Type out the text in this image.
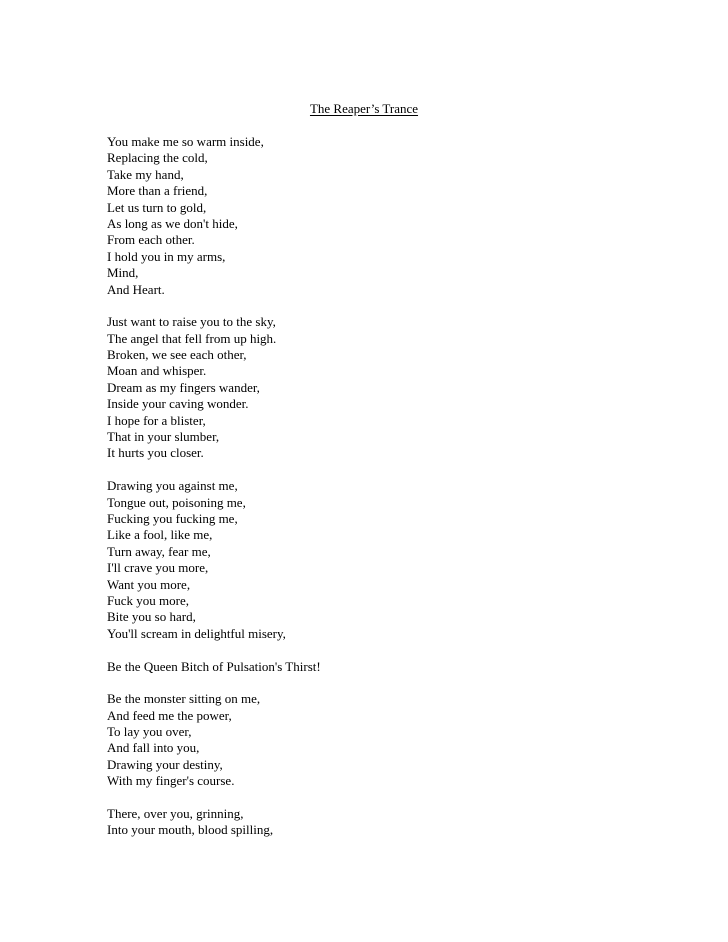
The Reaper’s Trance
You make me so warm inside,
Replacing the cold,
Take my hand,
More than a friend,
Let us turn to gold,
As long as we don't hide,
From each other.
I hold you in my arms,
Mind,
And Heart.
Just want to raise you to the sky,
The angel that fell from up high.
Broken, we see each other,
Moan and whisper.
Dream as my fingers wander,
Inside your caving wonder.
I hope for a blister,
That in your slumber,
It hurts you closer.
Drawing you against me,
Tongue out, poisoning me,
Fucking you fucking me,
Like a fool, like me,
Turn away, fear me,
I'll crave you more,
Want you more,
Fuck you more,
Bite you so hard,
You'll scream in delightful misery,
Be the Queen Bitch of Pulsation's Thirst!
Be the monster sitting on me,
And feed me the power,
To lay you over,
And fall into you,
Drawing your destiny,
With my finger's course.
There, over you, grinning,
Into your mouth, blood spilling,
